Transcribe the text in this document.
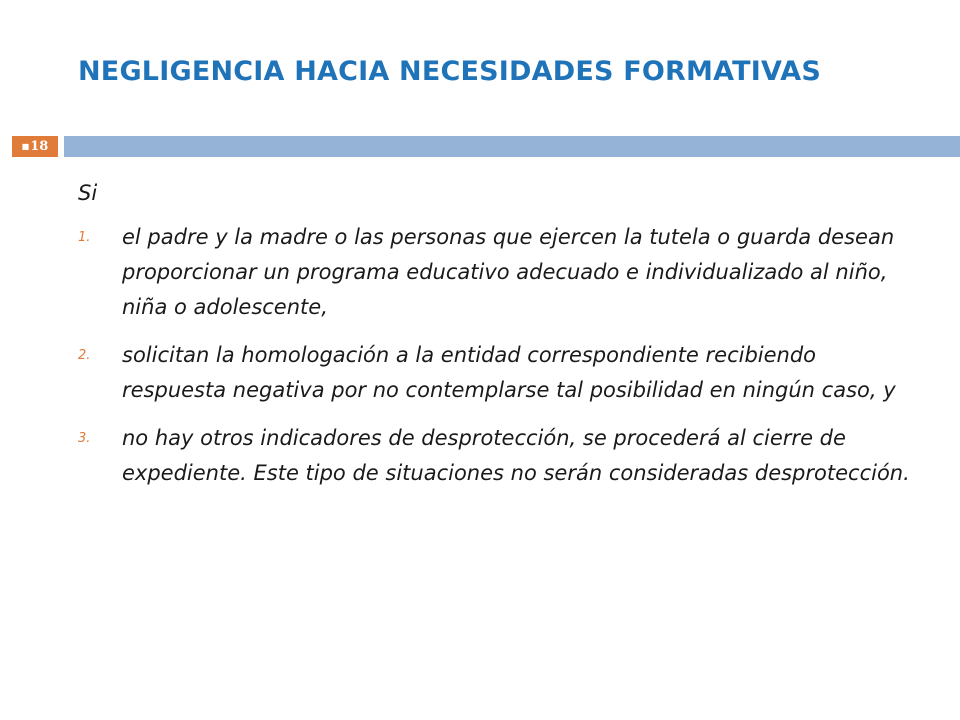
NEGLIGENCIA HACIA NECESIDADES FORMATIVAS
■18

Si

1. el padre y la madre o las personas que ejercen la tutela o guarda desean proporcionar un programa educativo adecuado e individualizado al niño, niña o adolescente,
2. solicitan la homologación a la entidad correspondiente recibiendo respuesta negativa por no contemplarse tal posibilidad en ningún caso, y
3. no hay otros indicadores de desprotección, se procederá al cierre de expediente. Este tipo de situaciones no serán consideradas desprotección.
